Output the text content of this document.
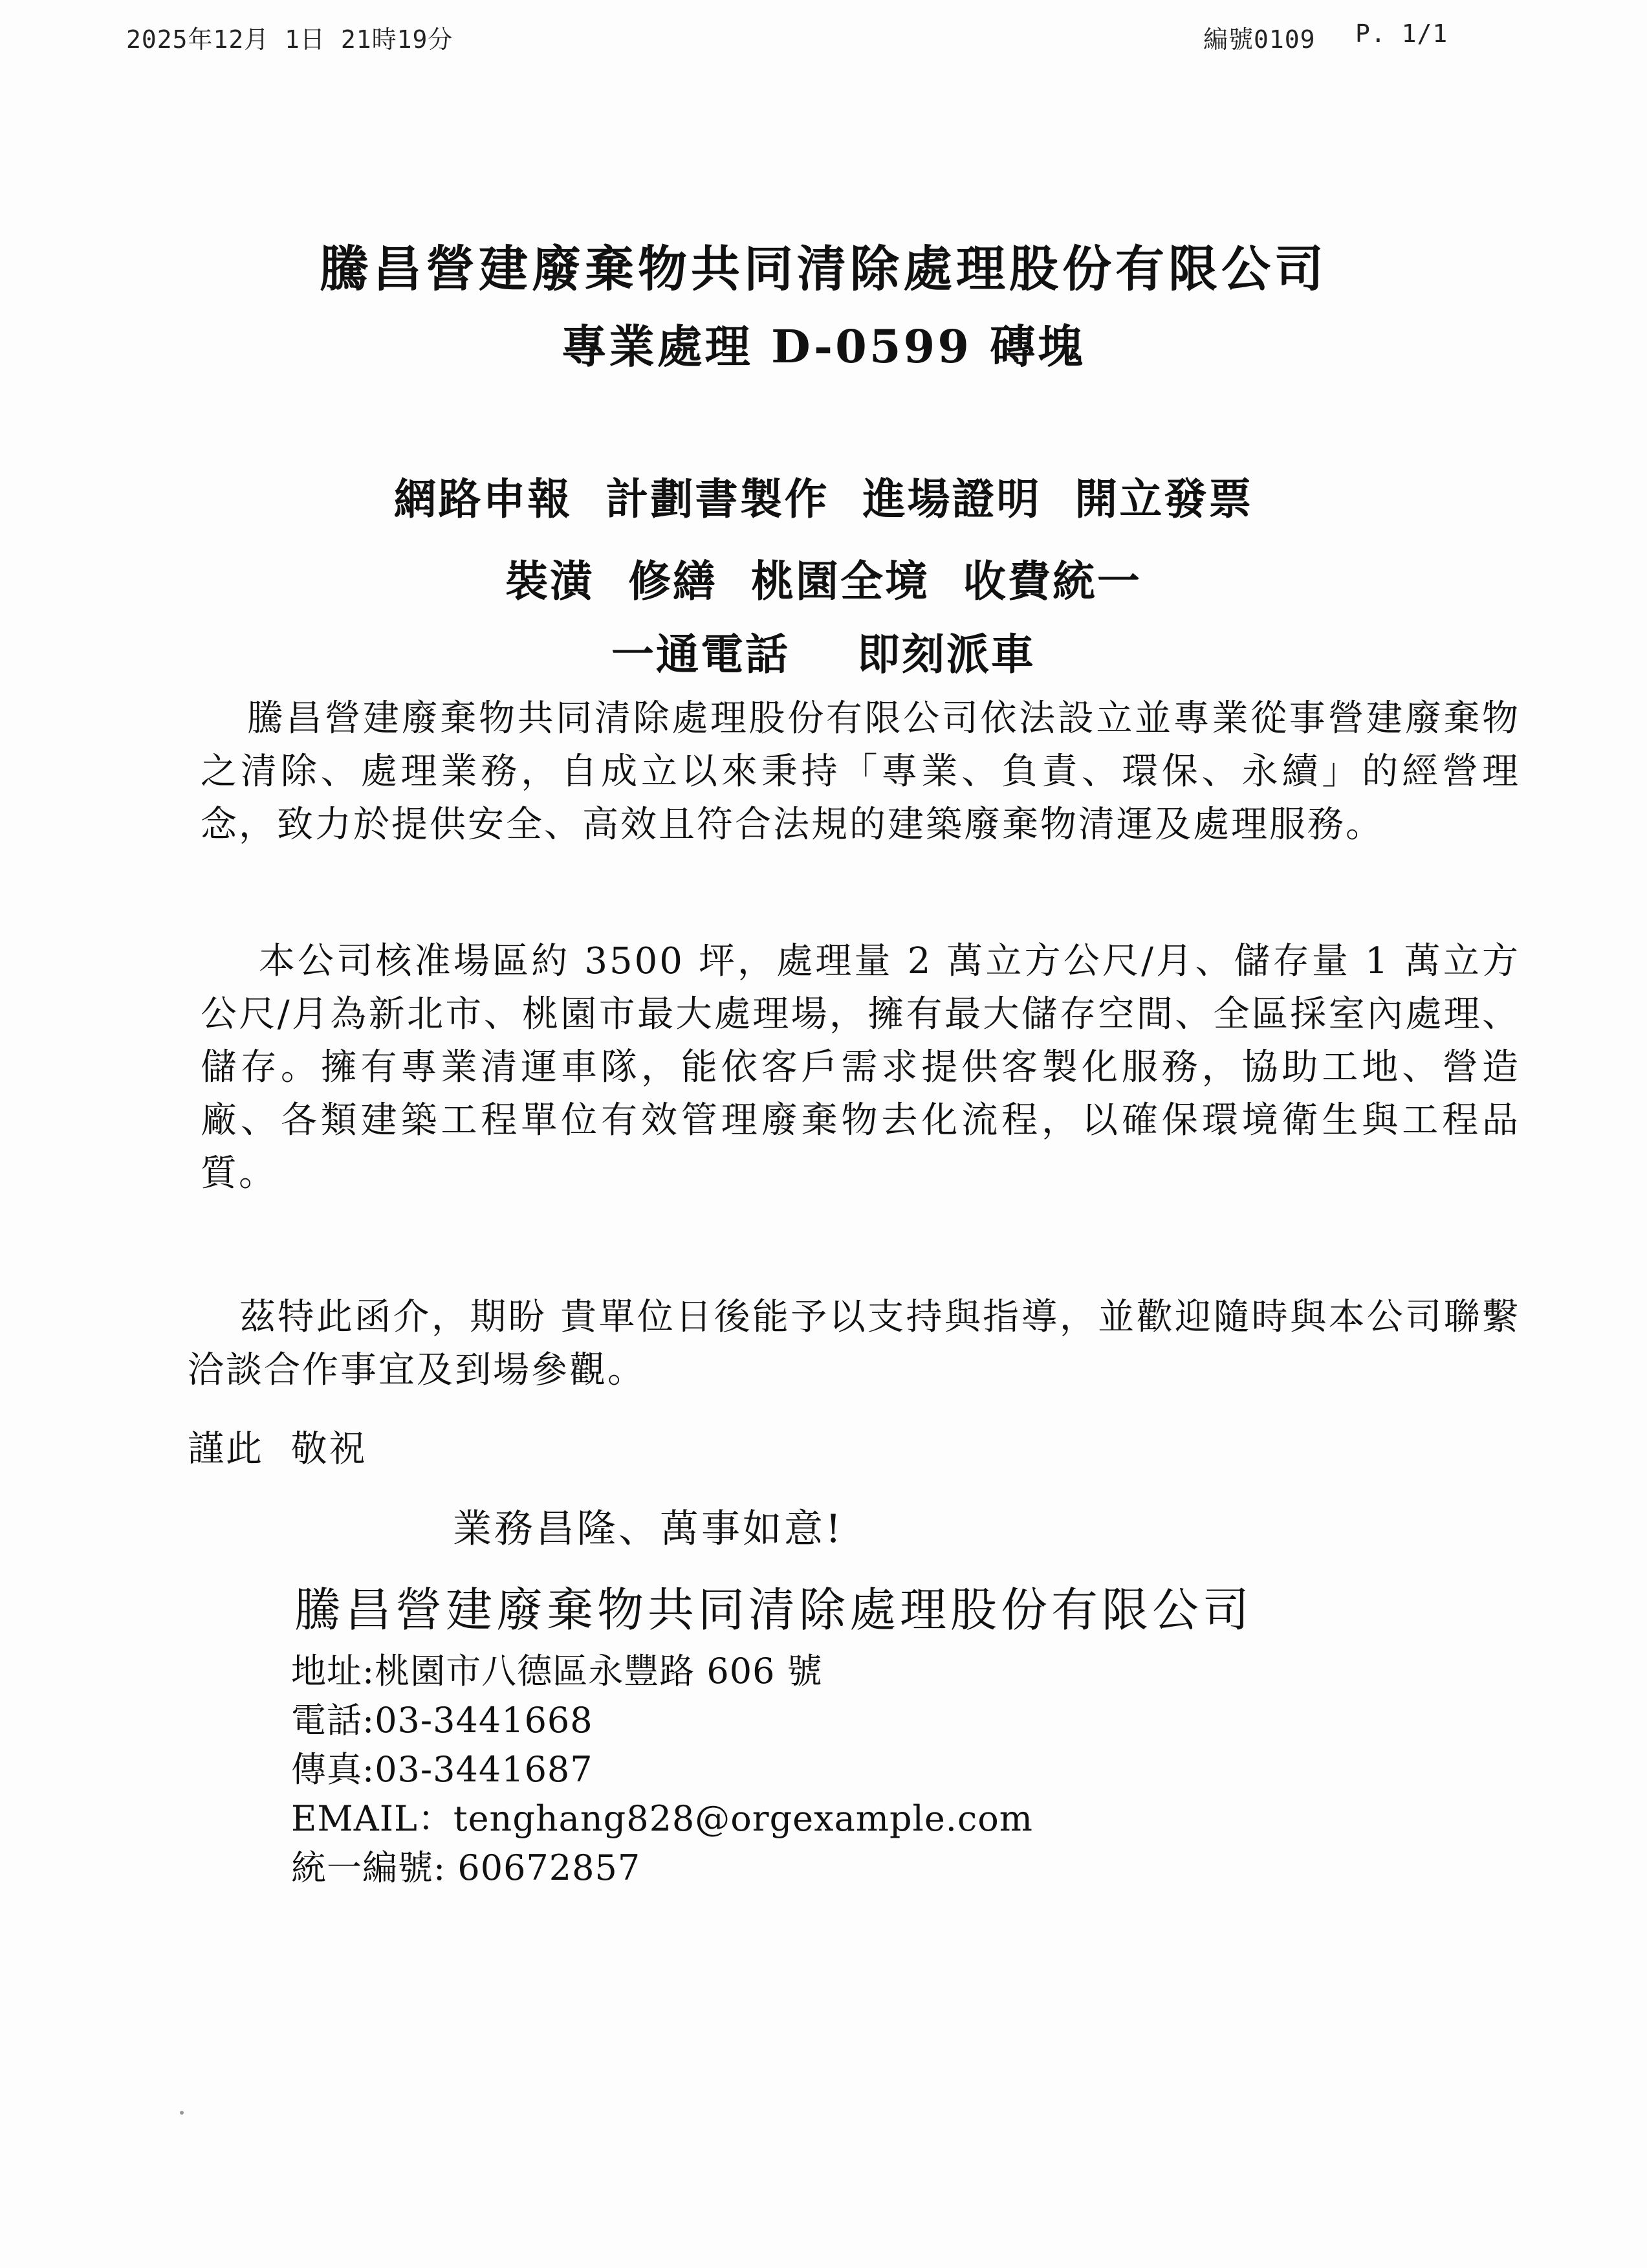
2025年12月 1日 21時19分	編號0109 P. 1/1
騰昌營建廢棄物共同清除處理股份有限公司
專業處理 D-0599 磚塊
網路申報  計劃書製作  進場證明  開立發票
裝潢  修繕  桃園全境  收費統一
一通電話    即刻派車

騰昌營建廢棄物共同清除處理股份有限公司依法設立並專業從事營建廢棄物之清除、處理業務，自成立以來秉持「專業、負責、環保、永續」的經營理念，致力於提供安全、高效且符合法規的建築廢棄物清運及處理服務。

本公司核准場區約 3500 坪，處理量 2 萬立方公尺/月、儲存量 1 萬立方公尺/月為新北市、桃園市最大處理場，擁有最大儲存空間、全區採室內處理、儲存。擁有專業清運車隊，能依客戶需求提供客製化服務，協助工地、營造廠、各類建築工程單位有效管理廢棄物去化流程，以確保環境衛生與工程品質。

茲特此函介，期盼 貴單位日後能予以支持與指導，並歡迎隨時與本公司聯繫洽談合作事宜及到場參觀。

謹此  敬祝
業務昌隆、萬事如意!
騰昌營建廢棄物共同清除處理股份有限公司
地址:桃園市八德區永豐路 606 號
電話:03-3441668
傳真:03-3441687
EMAIL：tenghang828@orgexample.com
統一編號: 60672857
